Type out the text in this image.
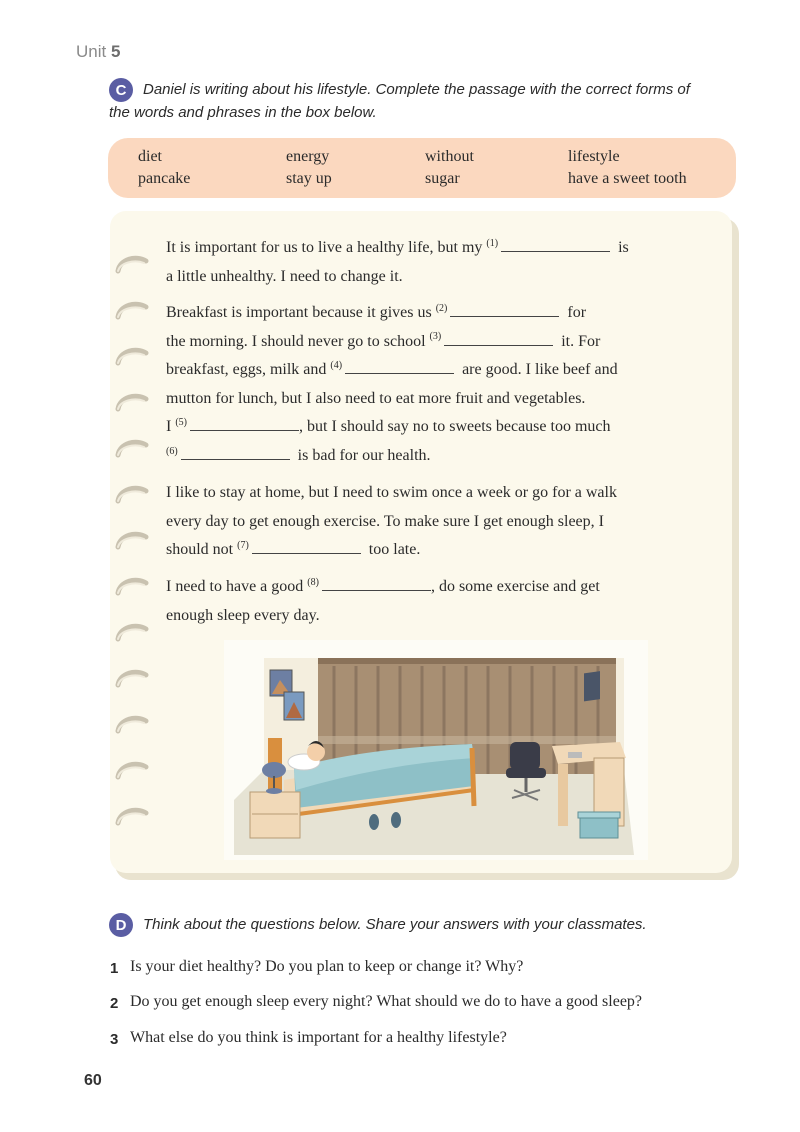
Unit 5
C	Daniel is writing about his lifestyle. Complete the passage with the correct forms of
the words and phrases in the box below.
diet	energy	without	lifestyle
pancake	stay up	sugar	have a sweet tooth

It is important for us to live a healthy life, but my $^{(1)}$	is

a little unhealthy. I need to change it.

Breakfast is important because it gives us $^{(2)}$	for

the morning. I should never go to school $^{(3)}$	it. For

breakfast, eggs, milk and $^{(4)}$	are good. I like beef and

mutton for lunch, but I also need to eat more fruit and vegetables.

I $^{(5)}$	, but I should say no to sweets because too much

$^{(6)}$	is bad for our health.

I like to stay at home, but I need to swim once a week or go for a walk

every day to get enough exercise. To make sure I get enough sleep, I

should not $^{(7)}$	too late.

I need to have a good $^{(8)}$	, do some exercise and get

enough sleep every day.

D	Think about the questions below. Share your answers with your classmates.
1 Is your diet healthy? Do you plan to keep or change it? Why?
2 Do you get enough sleep every night? What should we do to have a good sleep?
3 What else do you think is important for a healthy lifestyle?
60
